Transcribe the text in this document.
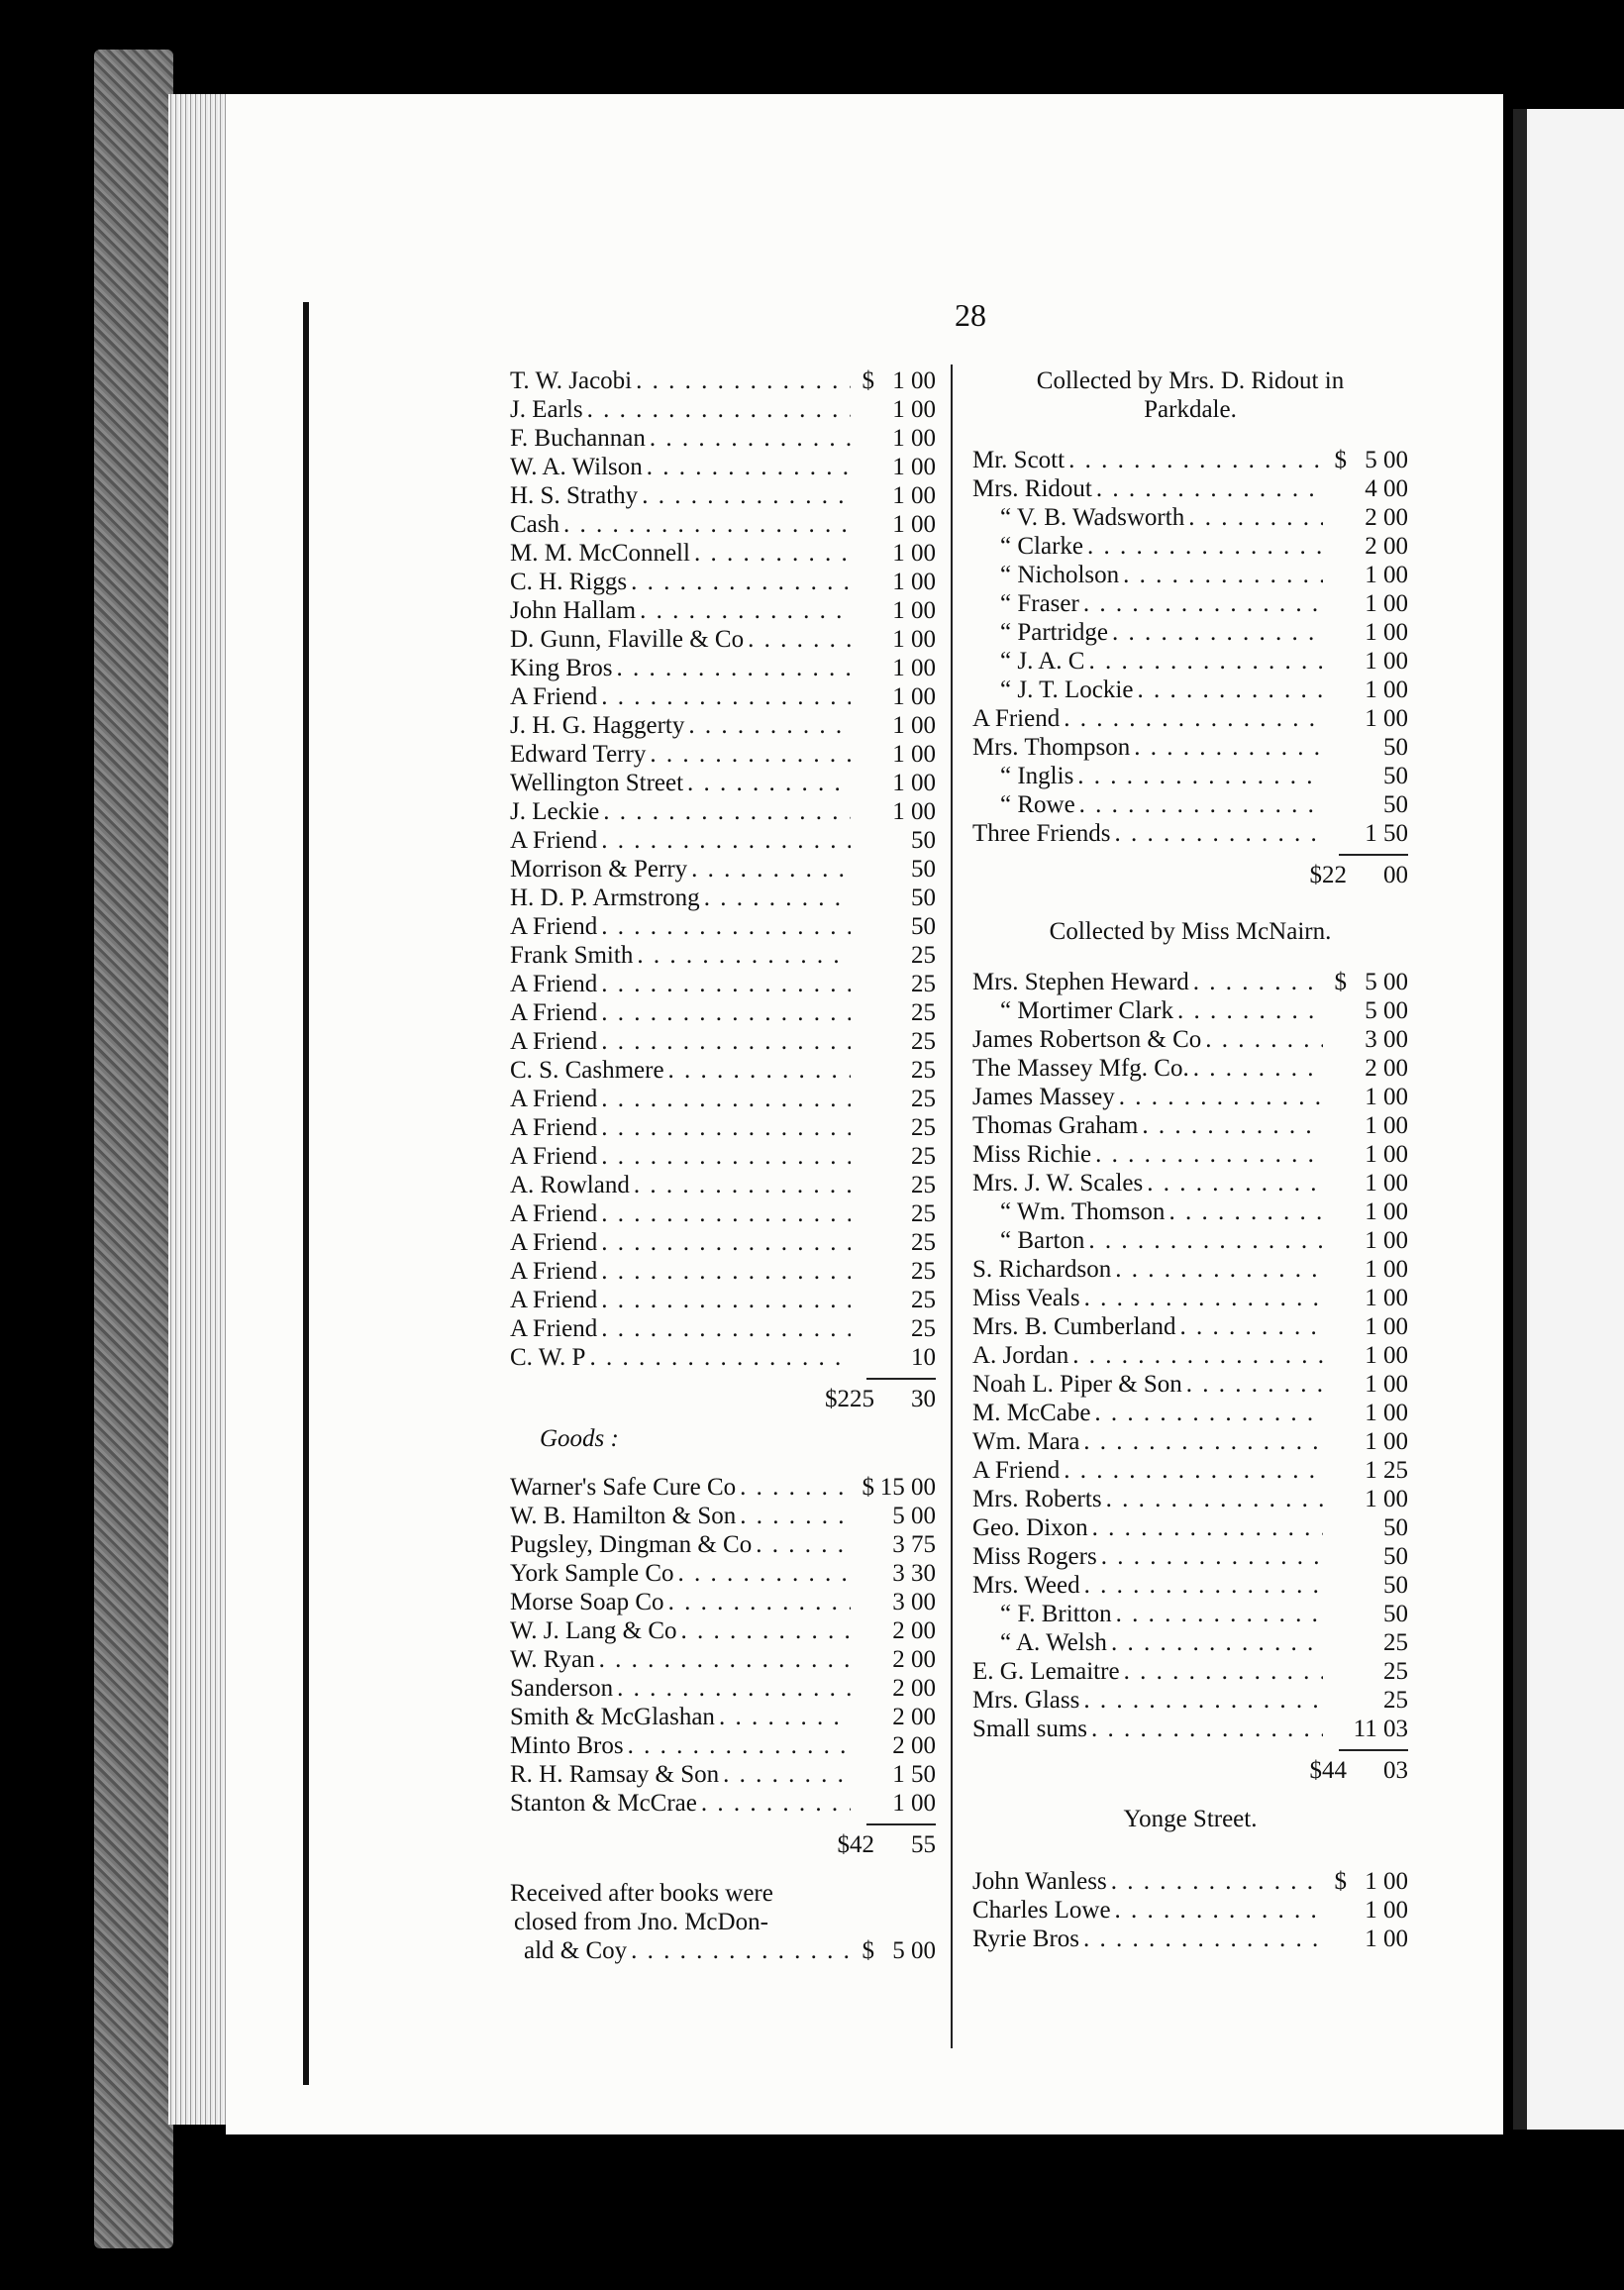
28
T. W. Jacobi . . .	$ 1 00
J. Earls . . .	1 00
F. Buchannan . . .	1 00
W. A. Wilson . . .	1 00
H. S. Strathy . . .	1 00
Cash . . .	1 00
M. M. McConnell . . .	1 00
C. H. Riggs . . .	1 00
John Hallam . . .	1 00
D. Gunn, Flaville & Co . . .	1 00
King Bros . . .	1 00
A Friend . . .	1 00
J. H. G. Haggerty . . .	1 00
Edward Terry . . .	1 00
Wellington Street . . .	1 00
J. Leckie . . .	1 00
A Friend . . .	50
Morrison & Perry . . .	50
H. D. P. Armstrong . . .	50
A Friend . . .	50
Frank Smith . . .	25
A Friend . . .	25
A Friend . . .	25
A Friend . . .	25
C. S. Cashmere . . .	25
A Friend . . .	25
A Friend . . .	25
A Friend . . .	25
A. Rowland . . .	25
A Friend . . .	25
A Friend . . .	25
A Friend . . .	25
A Friend . . .	25
A Friend . . .	25
C. W. P . . .	10
$225	30
Goods :
Warner's Safe Cure Co . . .	$ 15 00
W. B. Hamilton & Son . . .	5 00
Pugsley, Dingman & Co . . .	3 75
York Sample Co . . .	3 30
Morse Soap Co . . .	3 00
W. J. Lang & Co . . .	2 00
W. Ryan . . .	2 00
Sanderson . . .	2 00
Smith & McGlashan . . .	2 00
Minto Bros . . .	2 00
R. H. Ramsay & Son . . .	1 50
Stanton & McCrae . . .	1 00
$42	55
Received after books were
closed from Jno. McDon-
ald & Coy . . .	$ 5 00
Collected by Mrs. D. Ridout in
Parkdale.
Mr. Scott . . .	$ 5 00
Mrs. Ridout . . .	4 00
“ V. B. Wadsworth . . .	2 00
“ Clarke . . .	2 00
“ Nicholson . . .	1 00
“ Fraser . . .	1 00
“ Partridge . . .	1 00
“ J. A. C . . .	1 00
“ J. T. Lockie . . .	1 00
A Friend . . .	1 00
Mrs. Thompson . . .	50
“ Inglis . . .	50
“ Rowe . . .	50
Three Friends . . .	1 50
$22	00
Collected by Miss McNairn.
Mrs. Stephen Heward . . .	$ 5 00
“ Mortimer Clark . . .	5 00
James Robertson & Co . . .	3 00
The Massey Mfg. Co. . . .	2 00
James Massey . . .	1 00
Thomas Graham . . .	1 00
Miss Richie . . .	1 00
Mrs. J. W. Scales . . .	1 00
“ Wm. Thomson . . .	1 00
“ Barton . . .	1 00
S. Richardson . . .	1 00
Miss Veals . . .	1 00
Mrs. B. Cumberland . . .	1 00
A. Jordan . . .	1 00
Noah L. Piper & Son . . .	1 00
M. McCabe . . .	1 00
Wm. Mara . . .	1 00
A Friend . . .	1 25
Mrs. Roberts . . .	1 00
Geo. Dixon . . .	50
Miss Rogers . . .	50
Mrs. Weed . . .	50
“ F. Britton . . .	50
“ A. Welsh . . .	25
E. G. Lemaitre . . .	25
Mrs. Glass . . .	25
Small sums . . .	11 03
$44	03
Yonge Street.
John Wanless . . .	$ 1 00
Charles Lowe . . .	1 00
Ryrie Bros . . .	1 00
